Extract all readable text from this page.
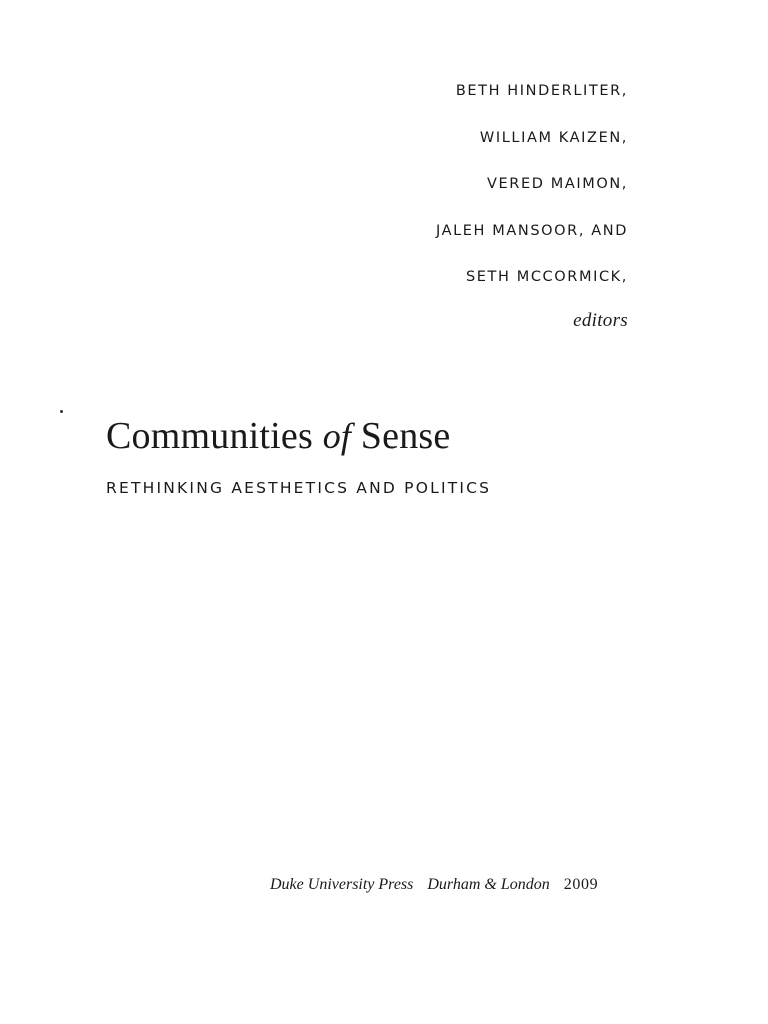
BETH HINDERLITER,
WILLIAM KAIZEN,
VERED MAIMON,
JALEH MANSOOR, AND
SETH MCCORMICK,
editors
Communities of Sense

RETHINKING AESTHETICS AND POLITICS

Duke University Press Durham & London 2009
